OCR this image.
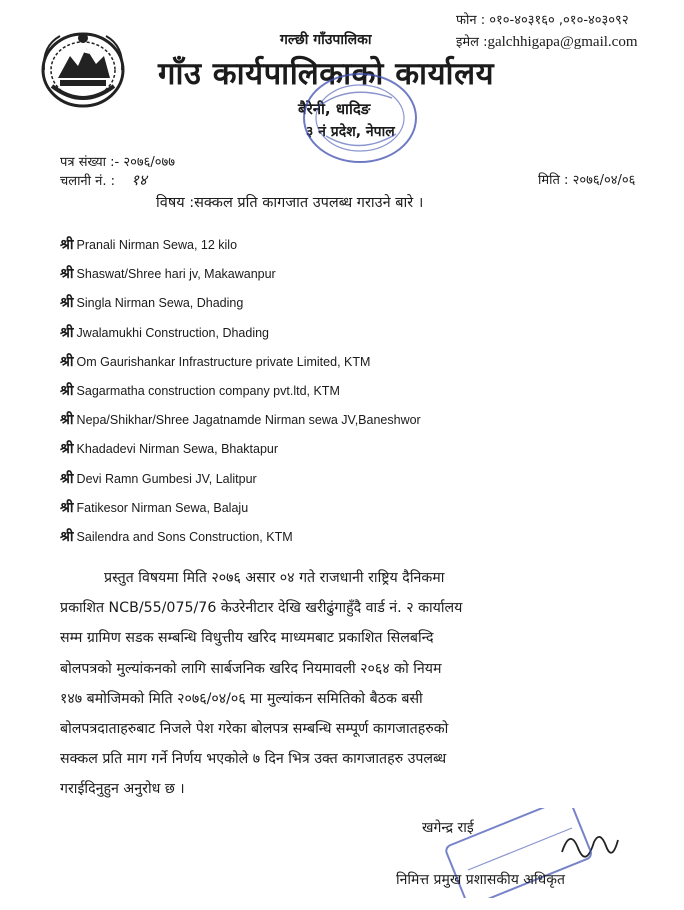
गल्छी गाँउपालिका
गाँउ कार्यपालिकाको कार्यालय
बैरेनी, धादिङ
३ नं प्रदेश, नेपाल
फोन : ०१०-४०३१६० ,०१०-४०३०९२
इमेल :galchhigapa@gmail.com
पत्र संख्या :- २०७६/०७७
चलानी नं. : १४	मिति : २०७६/०४/०६
विषय :सक्कल प्रति कागजात उपलब्ध गराउने बारे ।
श्री Pranali Nirman Sewa, 12 kilo
श्री Shaswat/Shree hari jv, Makawanpur
श्री Singla Nirman Sewa, Dhading
श्री Jwalamukhi Construction, Dhading
श्री Om Gaurishankar Infrastructure private Limited, KTM
श्री Sagarmatha construction company pvt.ltd, KTM
श्री Nepa/Shikhar/Shree Jagatnamde Nirman sewa JV,Baneshwor
श्री Khadadevi Nirman Sewa, Bhaktapur
श्री Devi Ramn Gumbesi JV, Lalitpur
श्री Fatikesor Nirman Sewa, Balaju
श्री Sailendra and Sons Construction, KTM
प्रस्तुत विषयमा मिति २०७६ असार ०४ गते राजधानी राष्ट्रिय दैनिकमा
प्रकाशित NCB/55/075/76 केउरेनीटार देखि खरीढुंगाहुँदै वार्ड नं. २ कार्यालय
सम्म ग्रामिण सडक सम्बन्धि विधुत्तीय खरिद माध्यमबाट प्रकाशित सिलबन्दि
बोलपत्रको मुल्यांकनको लागि सार्बजनिक खरिद नियमावली २०६४ को नियम
१४७ बमोजिमको मिति २०७६/०४/०६ मा मुल्यांकन समितिको बैठक बसी
बोलपत्रदाताहरुबाट निजले पेश गरेका बोलपत्र सम्बन्धि सम्पूर्ण कागजातहरुको
सक्कल प्रति माग गर्ने निर्णय भएकोले ७ दिन भित्र उक्त कागजातहरु उपलब्ध
गराईदिनुहुन अनुरोध छ ।
खगेन्द्र राई
निमित्त प्रमुख प्रशासकीय अधिकृत
